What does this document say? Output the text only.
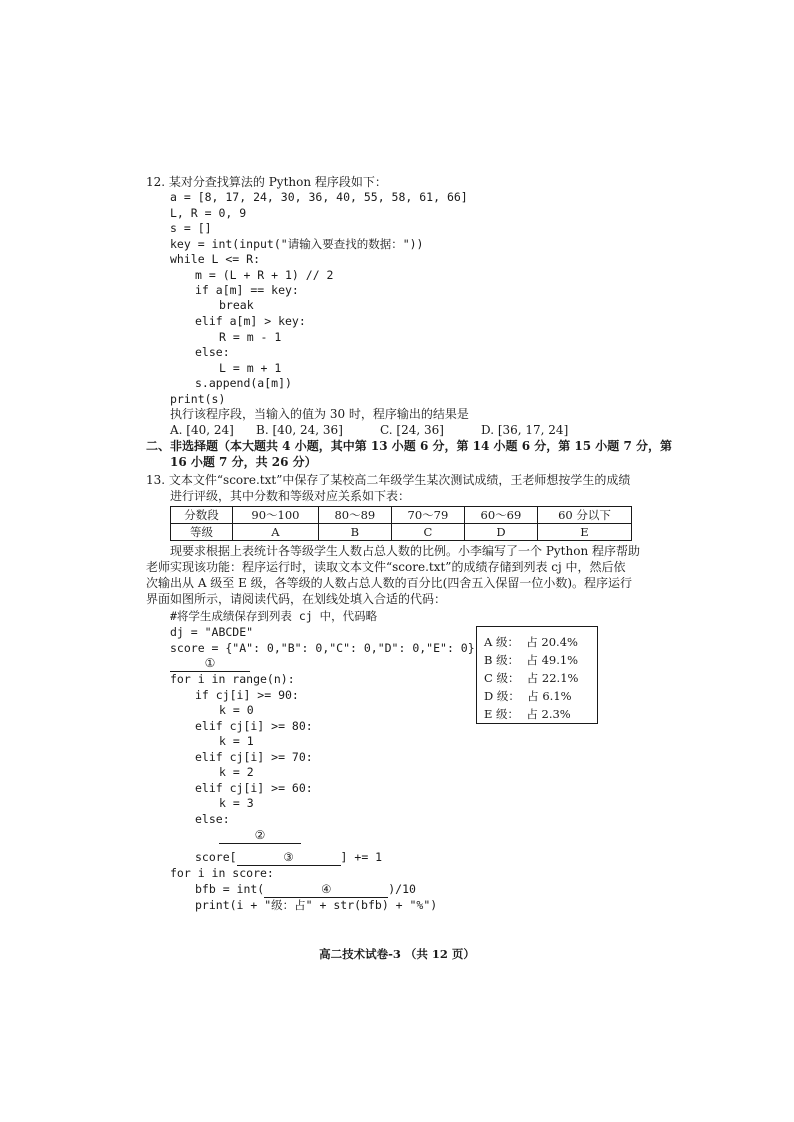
12. 某对分查找算法的 Python 程序段如下：
a = [8, 17, 24, 30, 36, 40, 55, 58, 61, 66]
L, R = 0, 9
s = []
key = int(input("请输入要查找的数据："))
while L <= R:
m = (L + R + 1) // 2
if a[m] == key:
break
elif a[m] > key:
R = m - 1
else:
L = m + 1
s.append(a[m])
print(s)
执行该程序段，当输入的值为 30 时，程序输出的结果是
A. [40, 24] B. [40, 24, 36]	C. [24, 36]	D. [36, 17, 24]
二、非选择题（本大题共 4 小题，其中第 13 小题 6 分，第 14 小题 6 分，第 15 小题 7 分，第
16 小题 7 分，共 26 分）
13. 文本文件“score.txt”中保存了某校高二年级学生某次测试成绩，王老师想按学生的成绩
进行评级，其中分数和等级对应关系如下表：
分数段	90～100	80～89	70～79	60～69	60 分以下
等级	A	B	C	D	E
现要求根据上表统计各等级学生人数占总人数的比例。小李编写了一个 Python 程序帮助
老师实现该功能：程序运行时，读取文本文件“score.txt”的成绩存储到列表 cj 中，然后依
次输出从 A 级至 E 级，各等级的人数占总人数的百分比(四舍五入保留一位小数)。程序运行
界面如图所示，请阅读代码，在划线处填入合适的代码：
#将学生成绩保存到列表 cj 中，代码略
dj = "ABCDE"
score = {"A": 0,"B": 0,"C": 0,"D": 0,"E": 0}
①
for i in range(n):
if cj[i] >= 90:
k = 0
elif cj[i] >= 80:
k = 1
elif cj[i] >= 70:
k = 2
elif cj[i] >= 60:
k = 3
else:
②
score[	③	] += 1
for i in score:
bfb = int(	④	)/10
print(i + "级：占" + str(bfb) + "%")
A 级：  占 20.4%
B 级：  占 49.1%
C 级：  占 22.1%
D 级：  占 6.1%
E 级：  占 2.3%
高二技术试卷-3 （共 12 页）
